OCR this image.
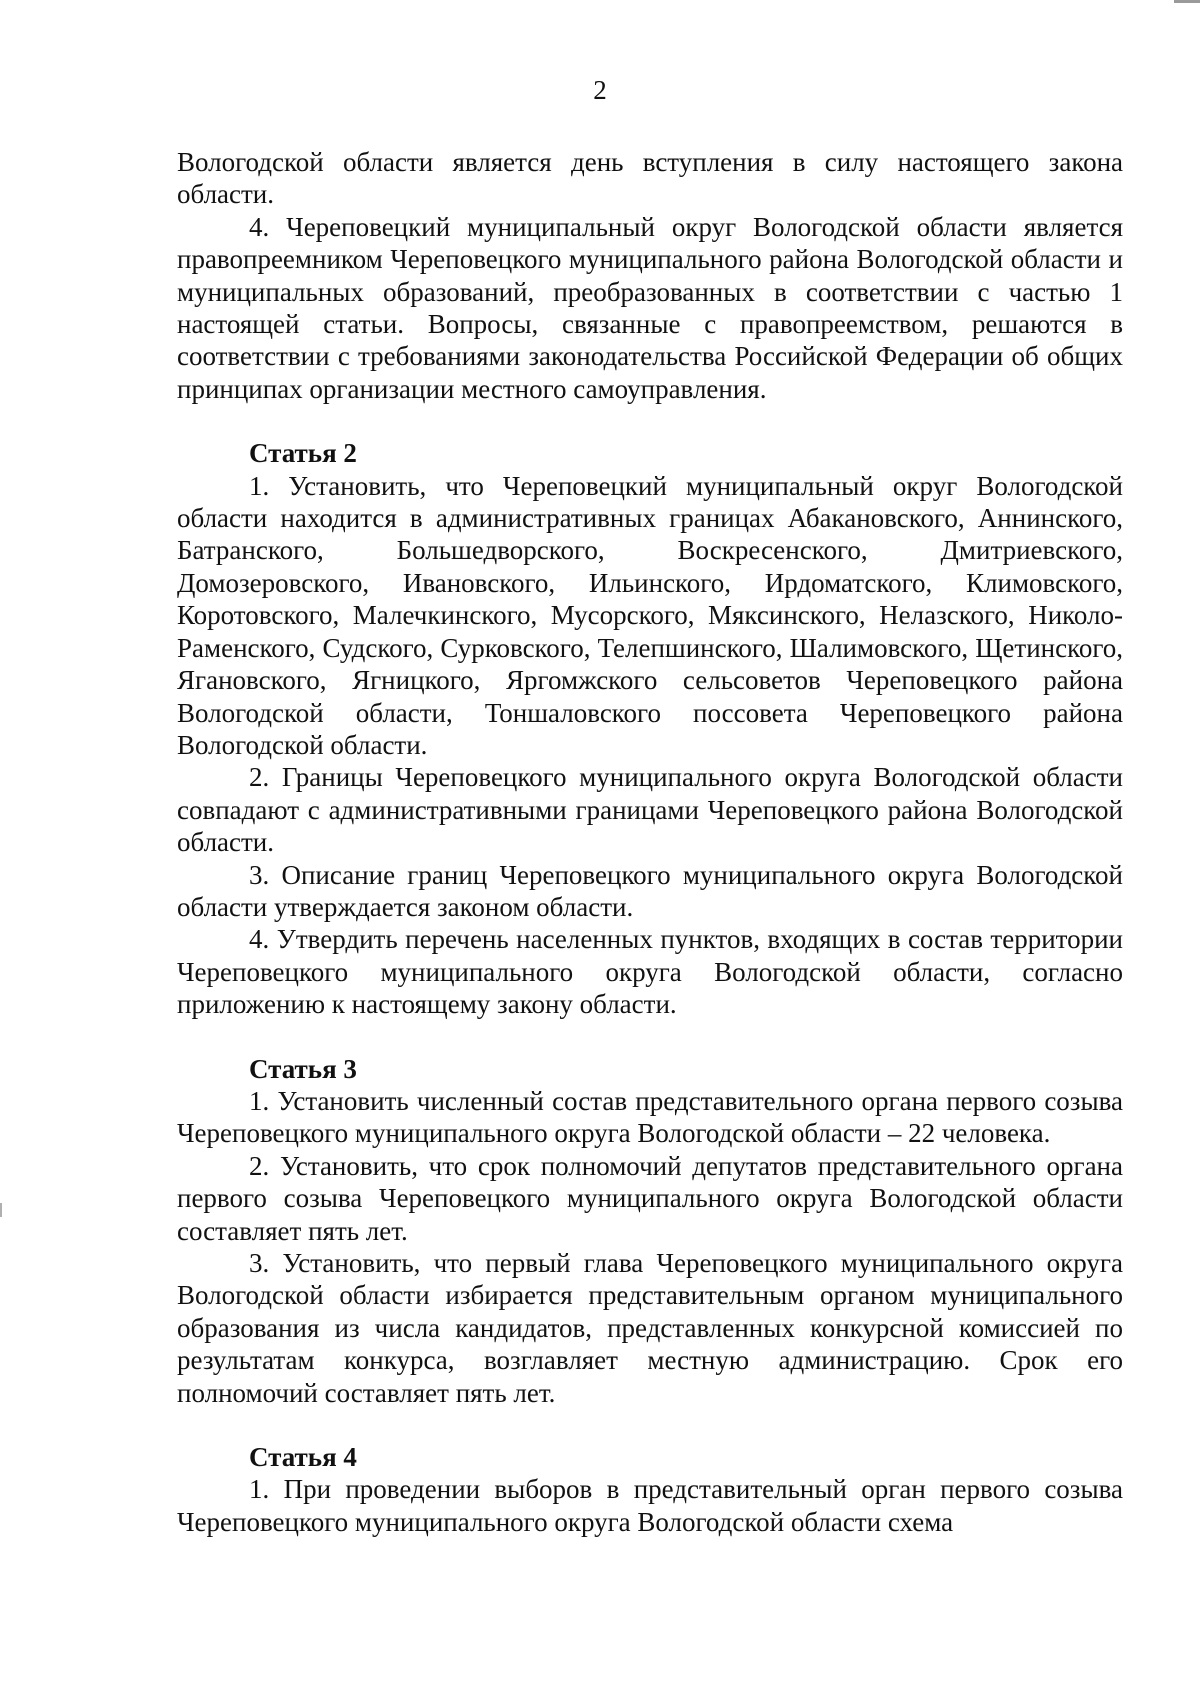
2

Вологодской области является день вступления в силу настоящего закона области.

4. Череповецкий муниципальный округ Вологодской области является правопреемником Череповецкого муниципального района Вологодской области и муниципальных образований, преобразованных в соответствии с частью 1 настоящей статьи. Вопросы, связанные с правопреемством, решаются в соответствии с требованиями законодательства Российской Федерации об общих принципах организации местного самоуправления.

Статья 2

1. Установить, что Череповецкий муниципальный округ Вологодской области находится в административных границах Абакановского, Аннинского, Батранского, Большедворского, Воскресенского, Дмитриевского, Домозеровского, Ивановского, Ильинского, Ирдоматского, Климовского, Коротовского, Малечкинского, Мусорского, Мяксинского, Нелазского, Николо-Раменского, Судского, Сурковского, Телепшинского, Шалимовского, Щетинского, Ягановского, Ягницкого, Яргомжского сельсоветов Череповецкого района Вологодской области, Тоншаловского поссовета Череповецкого района Вологодской области.

2. Границы Череповецкого муниципального округа Вологодской области совпадают с административными границами Череповецкого района Вологодской области.

3. Описание границ Череповецкого муниципального округа Вологодской области утверждается законом области.

4. Утвердить перечень населенных пунктов, входящих в состав территории Череповецкого муниципального округа Вологодской области, согласно приложению к настоящему закону области.

Статья 3

1. Установить численный состав представительного органа первого созыва Череповецкого муниципального округа Вологодской области – 22 человека.

2. Установить, что срок полномочий депутатов представительного органа первого созыва Череповецкого муниципального округа Вологодской области составляет пять лет.

3. Установить, что первый глава Череповецкого муниципального округа Вологодской области избирается представительным органом муниципального образования из числа кандидатов, представленных конкурсной комиссией по результатам конкурса, возглавляет местную администрацию. Срок его полномочий составляет пять лет.

Статья 4

1. При проведении выборов в представительный орган первого созыва Череповецкого муниципального округа Вологодской области схема
